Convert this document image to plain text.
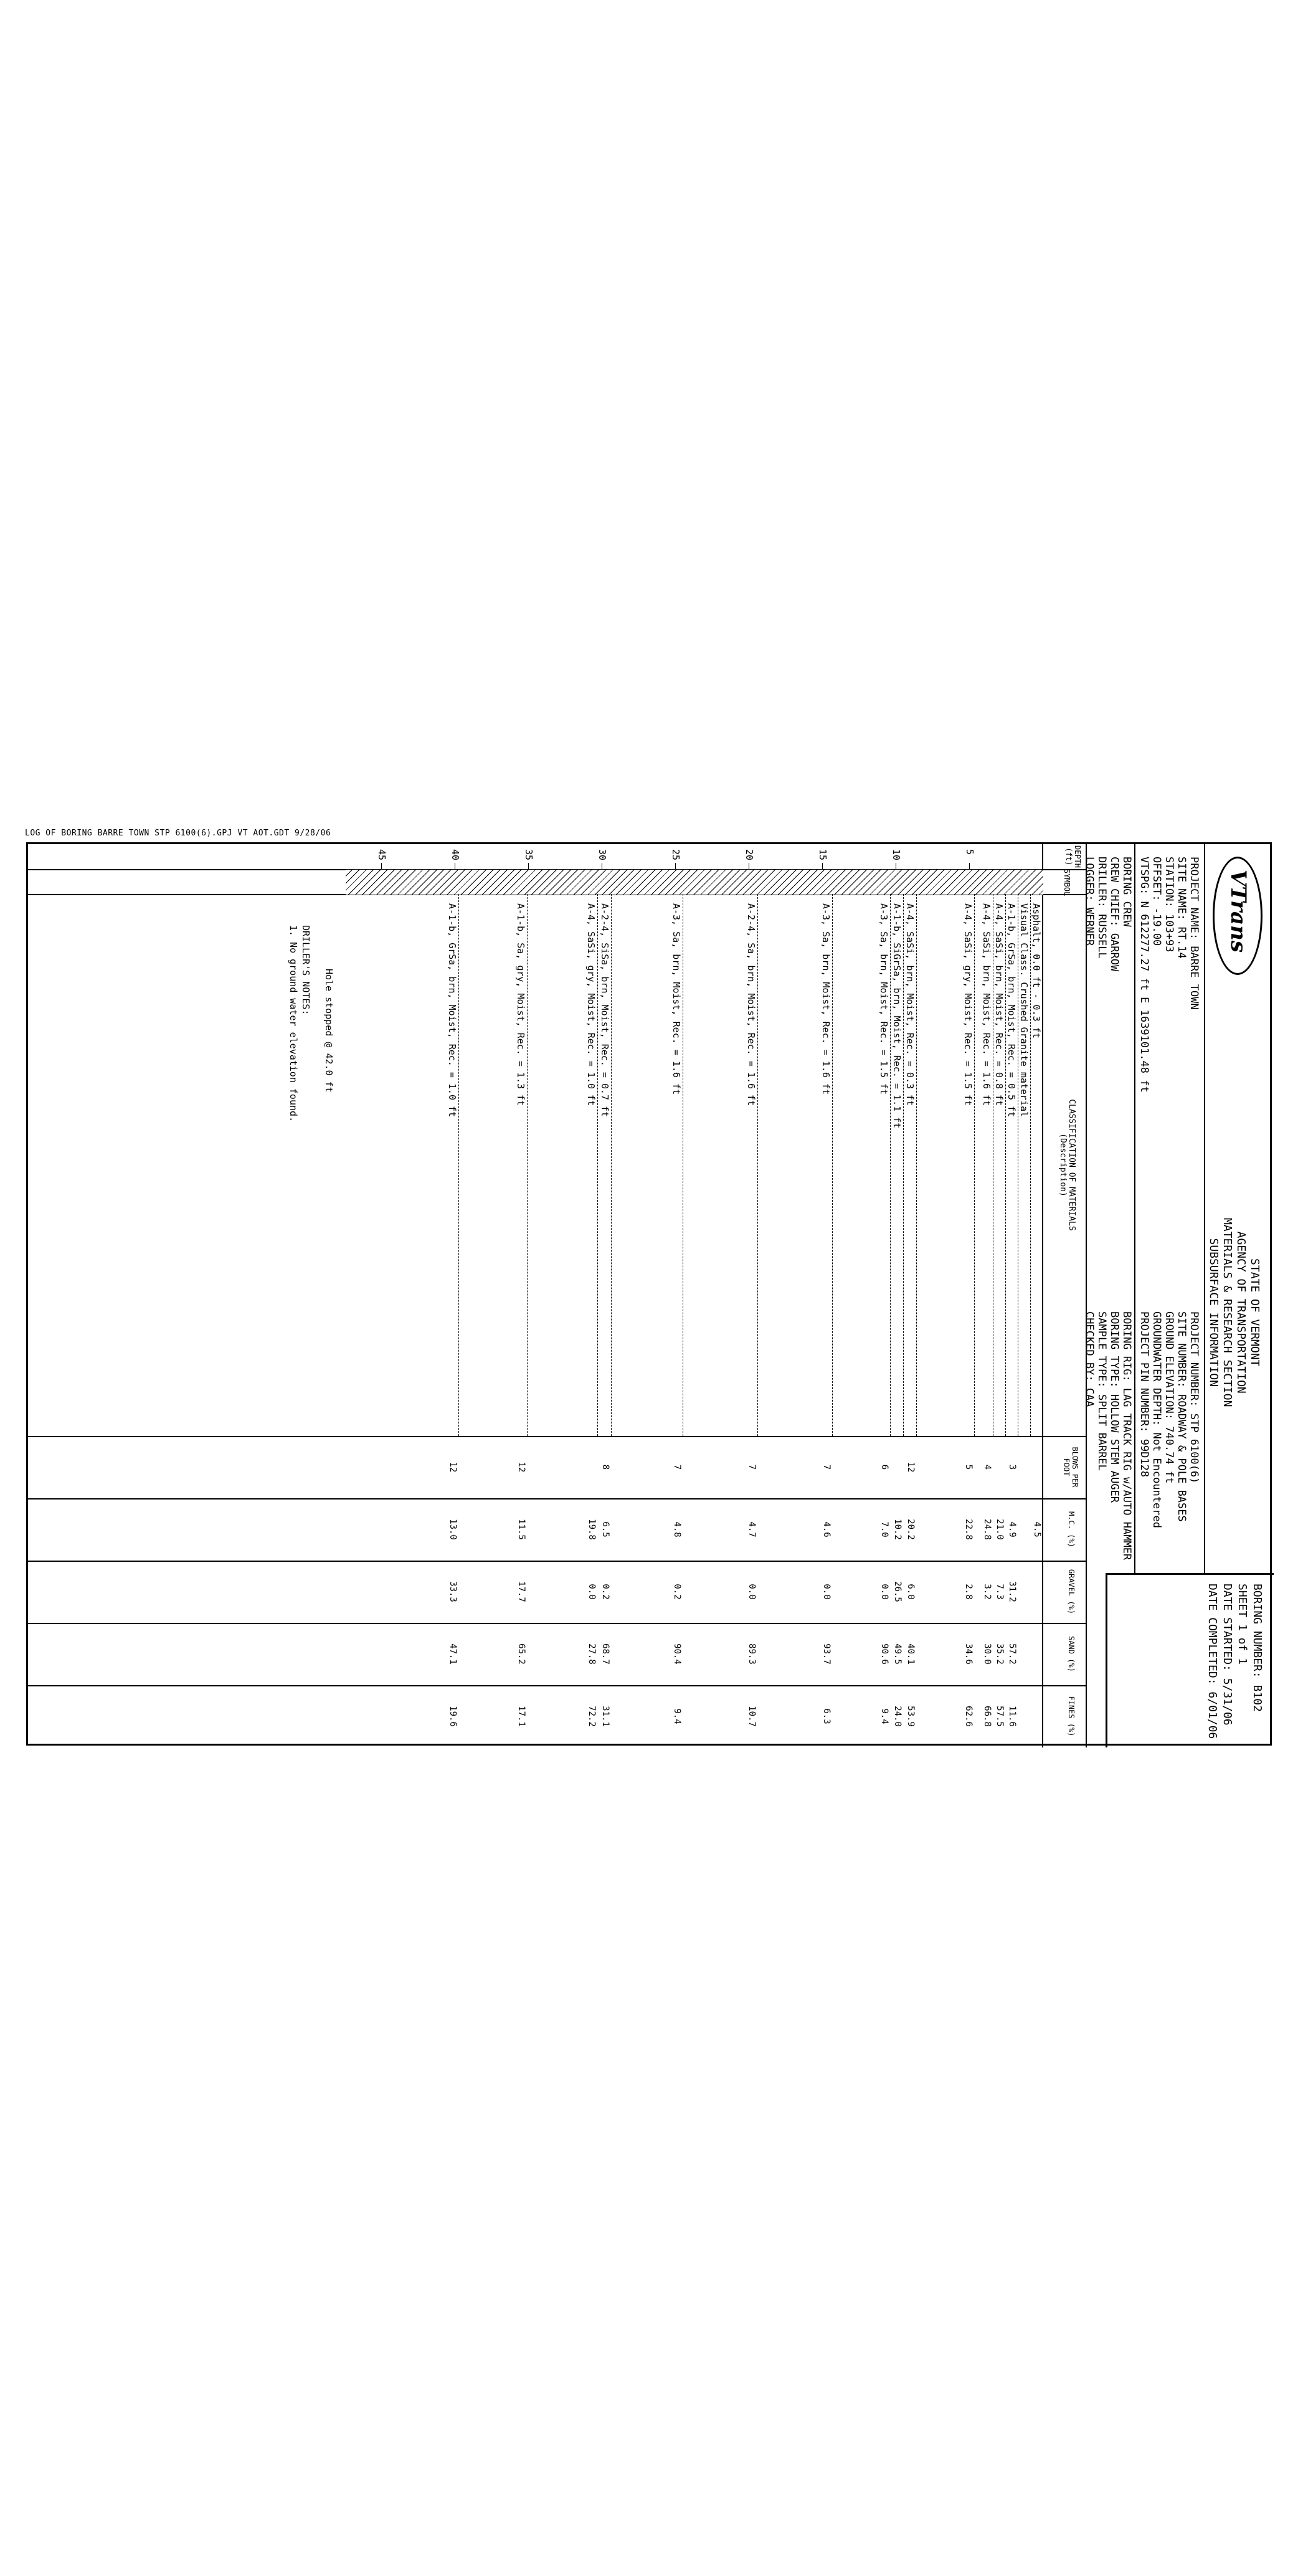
LOG OF BORING BARRE TOWN STP 6100(6).GPJ VT AOT.GDT 9/28/06
VTrans
STATE OF VERMONT
AGENCY OF TRANSPORTATION
MATERIALS & RESEARCH SECTION
SUBSURFACE INFORMATION
BORING NUMBER: B102
SHEET 1 of 1
DATE STARTED: 5/31/06
DATE COMPLETED: 6/01/06
PROJECT NAME: BARRE TOWN
SITE NAME: RT.14
STATION: 103+93
OFFSET: -19.00
VTSPG: N 612277.27 ft E 1639101.48 ft
PROJECT NUMBER: STP 6100(6)
SITE NUMBER: ROADWAY & POLE BASES
GROUND ELEVATION: 740.74 ft
GROUNDWATER DEPTH: Not Encountered
PROJECT PIN NUMBER: 99D128
BORING CREW
CREW CHIEF: GARROW
DRILLER: RUSSELL
LOGGER: WERNER
BORING RIG: LAG TRACK RIG w/AUTO HAMMER
BORING TYPE: HOLLOW STEM AUGER
SAMPLE TYPE: SPLIT BARREL
CHECKED BY: CAA
DEPTH (ft)
SYMBOL
CLASSIFICATION OF MATERIALS
(Description)
BLOWS PER FOOT
M.C. (%)
GRAVEL (%)
SAND (%)
FINES (%)
5
10
15
20
25
30
35
40
45
Asphalt, 0.0 ft - 0.3 ft
4.5
Visual Class. Crushed Granite material
A-1-b, GrSa, brn, Moist, Rec. = 0.5 ft
3
4.9
31.2
57.2
11.6
A-4, SaSi, brn, Moist, Rec. = 0.8 ft
21.0
7.3
35.2
57.5
A-4, SaSi, brn, Moist, Rec. = 1.6 ft
4
24.8
3.2
30.0
66.8
A-4, SaSi, gry, Moist, Rec. = 1.5 ft
5
22.8
2.8
34.6
62.6
A-4, SaSi, brn, Moist, Rec. = 0.3 ft
12
20.2
6.0
40.1
53.9
A-1-b, SiGrSa, brn, Moist, Rec. = 1.1 ft
10.2
26.5
49.5
24.0
A-3, Sa, brn, Moist, Rec. = 1.5 ft
6
7.0
0.0
90.6
9.4
A-3, Sa, brn, Moist, Rec. = 1.6 ft
7
4.6
0.0
93.7
6.3
A-2-4, Sa, brn, Moist, Rec. = 1.6 ft
7
4.7
0.0
89.3
10.7
A-3, Sa, brn, Moist, Rec. = 1.6 ft
7
4.8
0.2
90.4
9.4
A-2-4, SiSa, brn, Moist, Rec. = 0.7 ft
8
6.5
0.2
68.7
31.1
A-4, SaSi, gry, Moist, Rec. = 1.0 ft
19.8
0.0
27.8
72.2
A-1-b, Sa, gry, Moist, Rec. = 1.3 ft
12
11.5
17.7
65.2
17.1
A-1-b, GrSa, brn, Moist, Rec. = 1.0 ft
12
13.0
33.3
47.1
19.6
Hole stopped @ 42.0 ft
DRILLER'S NOTES:
1. No ground water elevation found.
